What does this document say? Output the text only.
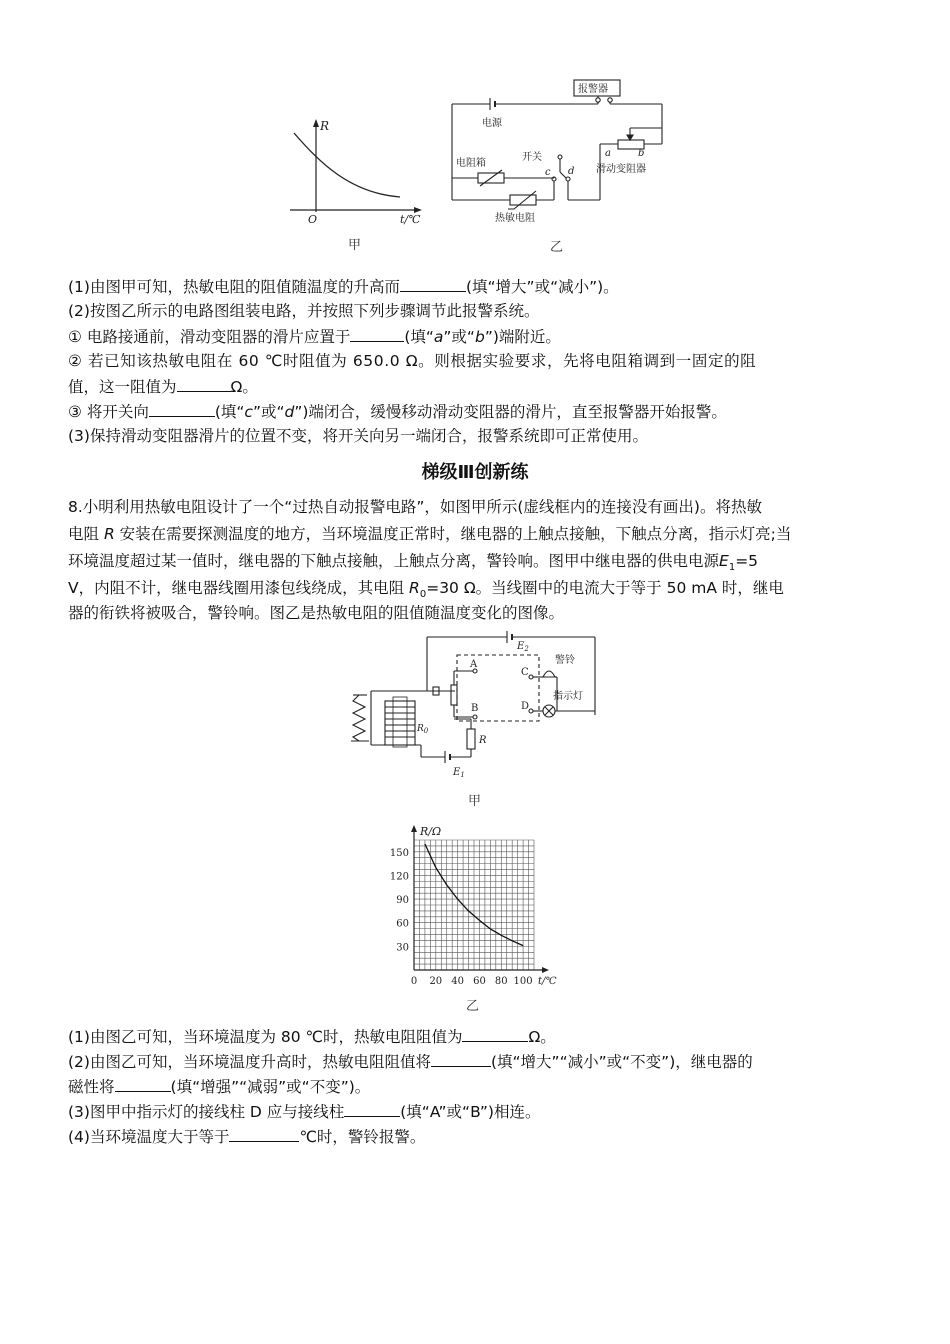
R
O	t/℃
甲
报警器
电源
开关
电阻箱
c d
a	b
滑动变阻器
热敏电阻
乙
(1)由图甲可知，热敏电阻的阻值随温度的升高而	(填“增大”或“减小”)。
(2)按图乙所示的电路图组装电路，并按照下列步骤调节此报警系统。
① 电路接通前，滑动变阻器的滑片应置于	(填“a”或“b”)端附近。
② 若已知该热敏电阻在 60 ℃时阻值为 650.0 Ω。则根据实验要求，先将电阻箱调到一固定的阻
值，这一阻值为	Ω。
③ 将开关向	(填“c”或“d”)端闭合，缓慢移动滑动变阻器的滑片，直至报警器开始报警。
(3)保持滑动变阻器滑片的位置不变，将开关向另一端闭合，报警系统即可正常使用。
梯级Ⅲ创新练
8.小明利用热敏电阻设计了一个“过热自动报警电路”，如图甲所示(虚线框内的连接没有画出)。将热敏
电阻 R 安装在需要探测温度的地方，当环境温度正常时，继电器的上触点接触，下触点分离，指示灯亮;当
环境温度超过某一值时，继电器的下触点接触，上触点分离，警铃响。图甲中继电器的供电电源$E_1=5$
V，内阻不计，继电器线圈用漆包线绕成，其电阻 $R_0=30$ Ω。当线圈中的电流大于等于 50 mA 时，继电
器的衔铁将被吸合，警铃响。图乙是热敏电阻的阻值随温度变化的图像。
$E_2$
A
B
C
D
警铃
指示灯
$R_0$
R
$E_1$
甲
30
60
90
120
150
0 20 40 60 80 100
R/Ω
t/℃
乙
(1)由图乙可知，当环境温度为 80 ℃时，热敏电阻阻值为	Ω。
(2)由图乙可知，当环境温度升高时，热敏电阻阻值将	(填“增大”“减小”或“不变”)，继电器的
磁性将	(填“增强”“减弱”或“不变”)。
(3)图甲中指示灯的接线柱 D 应与接线柱	(填“A”或“B”)相连。
(4)当环境温度大于等于	℃时，警铃报警。
